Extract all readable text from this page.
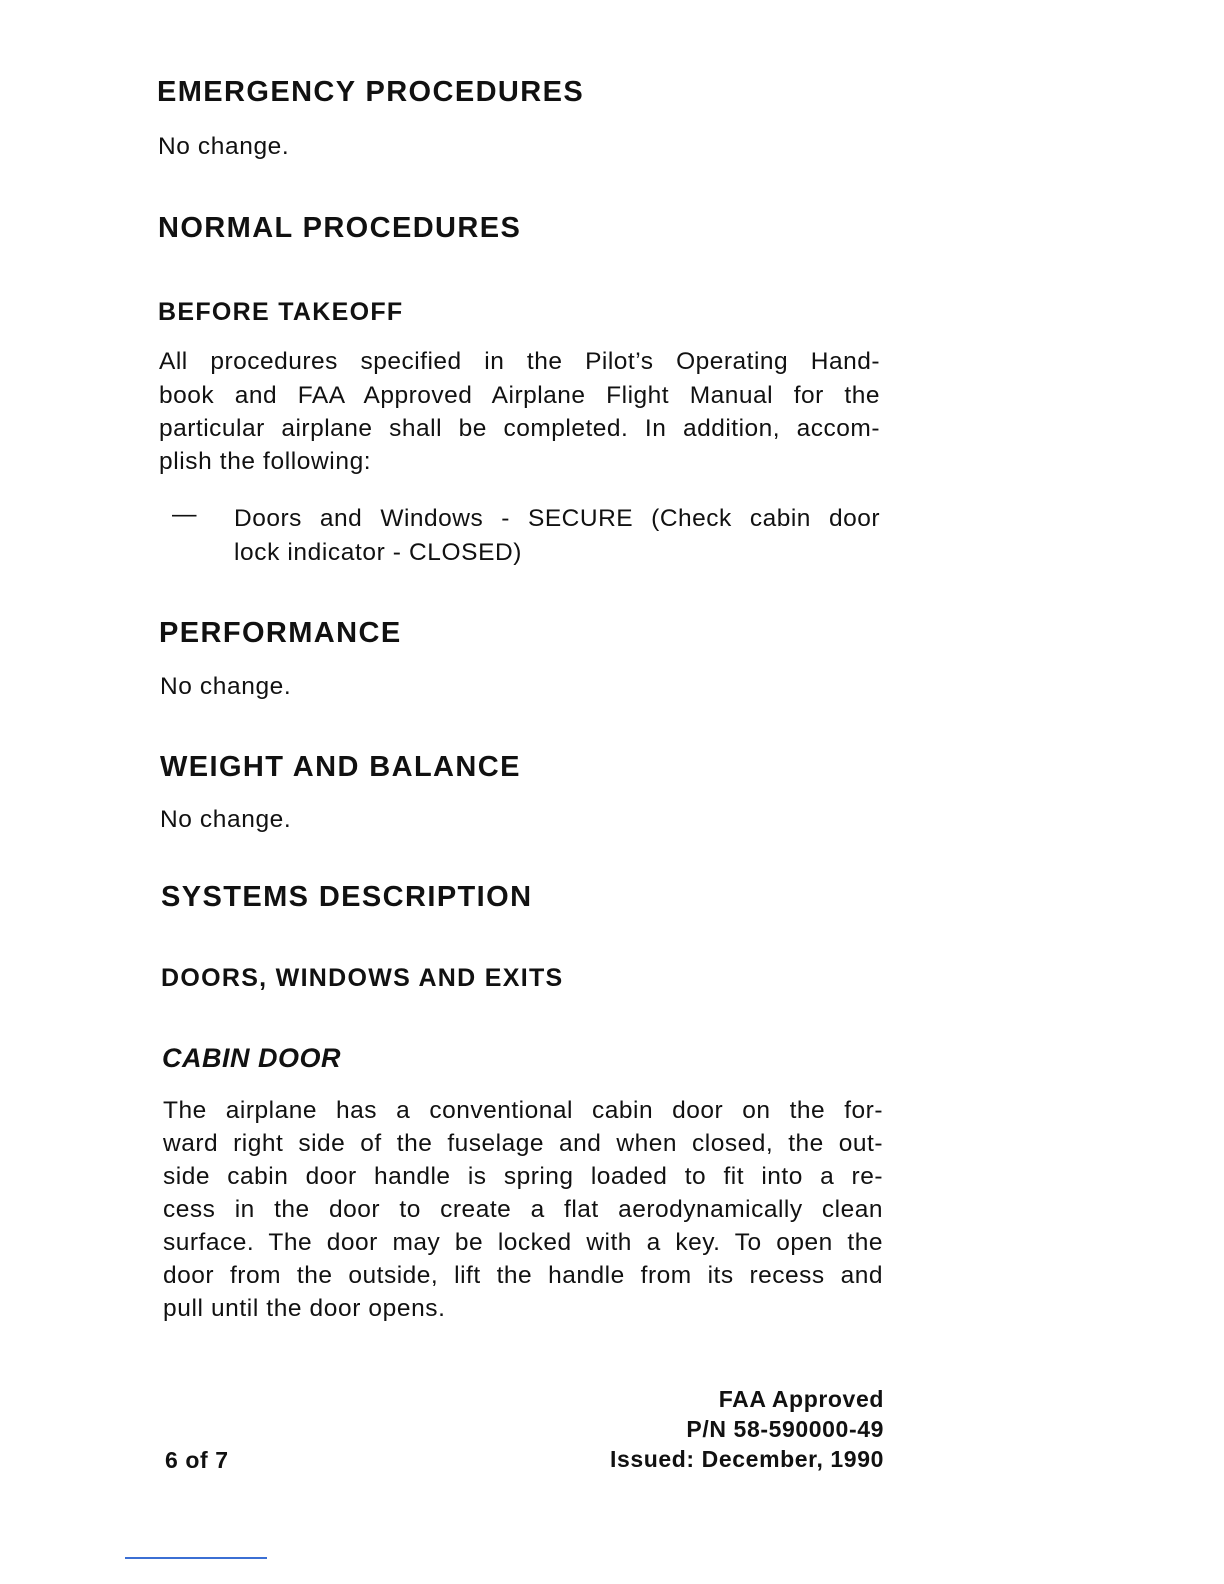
EMERGENCY PROCEDURES

No change.

NORMAL PROCEDURES
BEFORE TAKEOFF

All procedures specified in the Pilot’s Operating Hand-

book and FAA Approved Airplane Flight Manual for the

particular airplane shall be completed. In addition, accom-

plish the following:

— Doors and Windows - SECURE (Check cabin door

lock indicator - CLOSED)

PERFORMANCE

No change.

WEIGHT AND BALANCE

No change.

SYSTEMS DESCRIPTION
DOORS, WINDOWS AND EXITS
CABIN DOOR

The airplane has a conventional cabin door on the for-

ward right side of the fuselage and when closed, the out-

side cabin door handle is spring loaded to fit into a re-

cess in the door to create a flat aerodynamically clean

surface. The door may be locked with a key. To open the

door from the outside, lift the handle from its recess and

pull until the door opens.

FAA Approved
P/N 58-590000-49
Issued: December, 1990
6 of 7
